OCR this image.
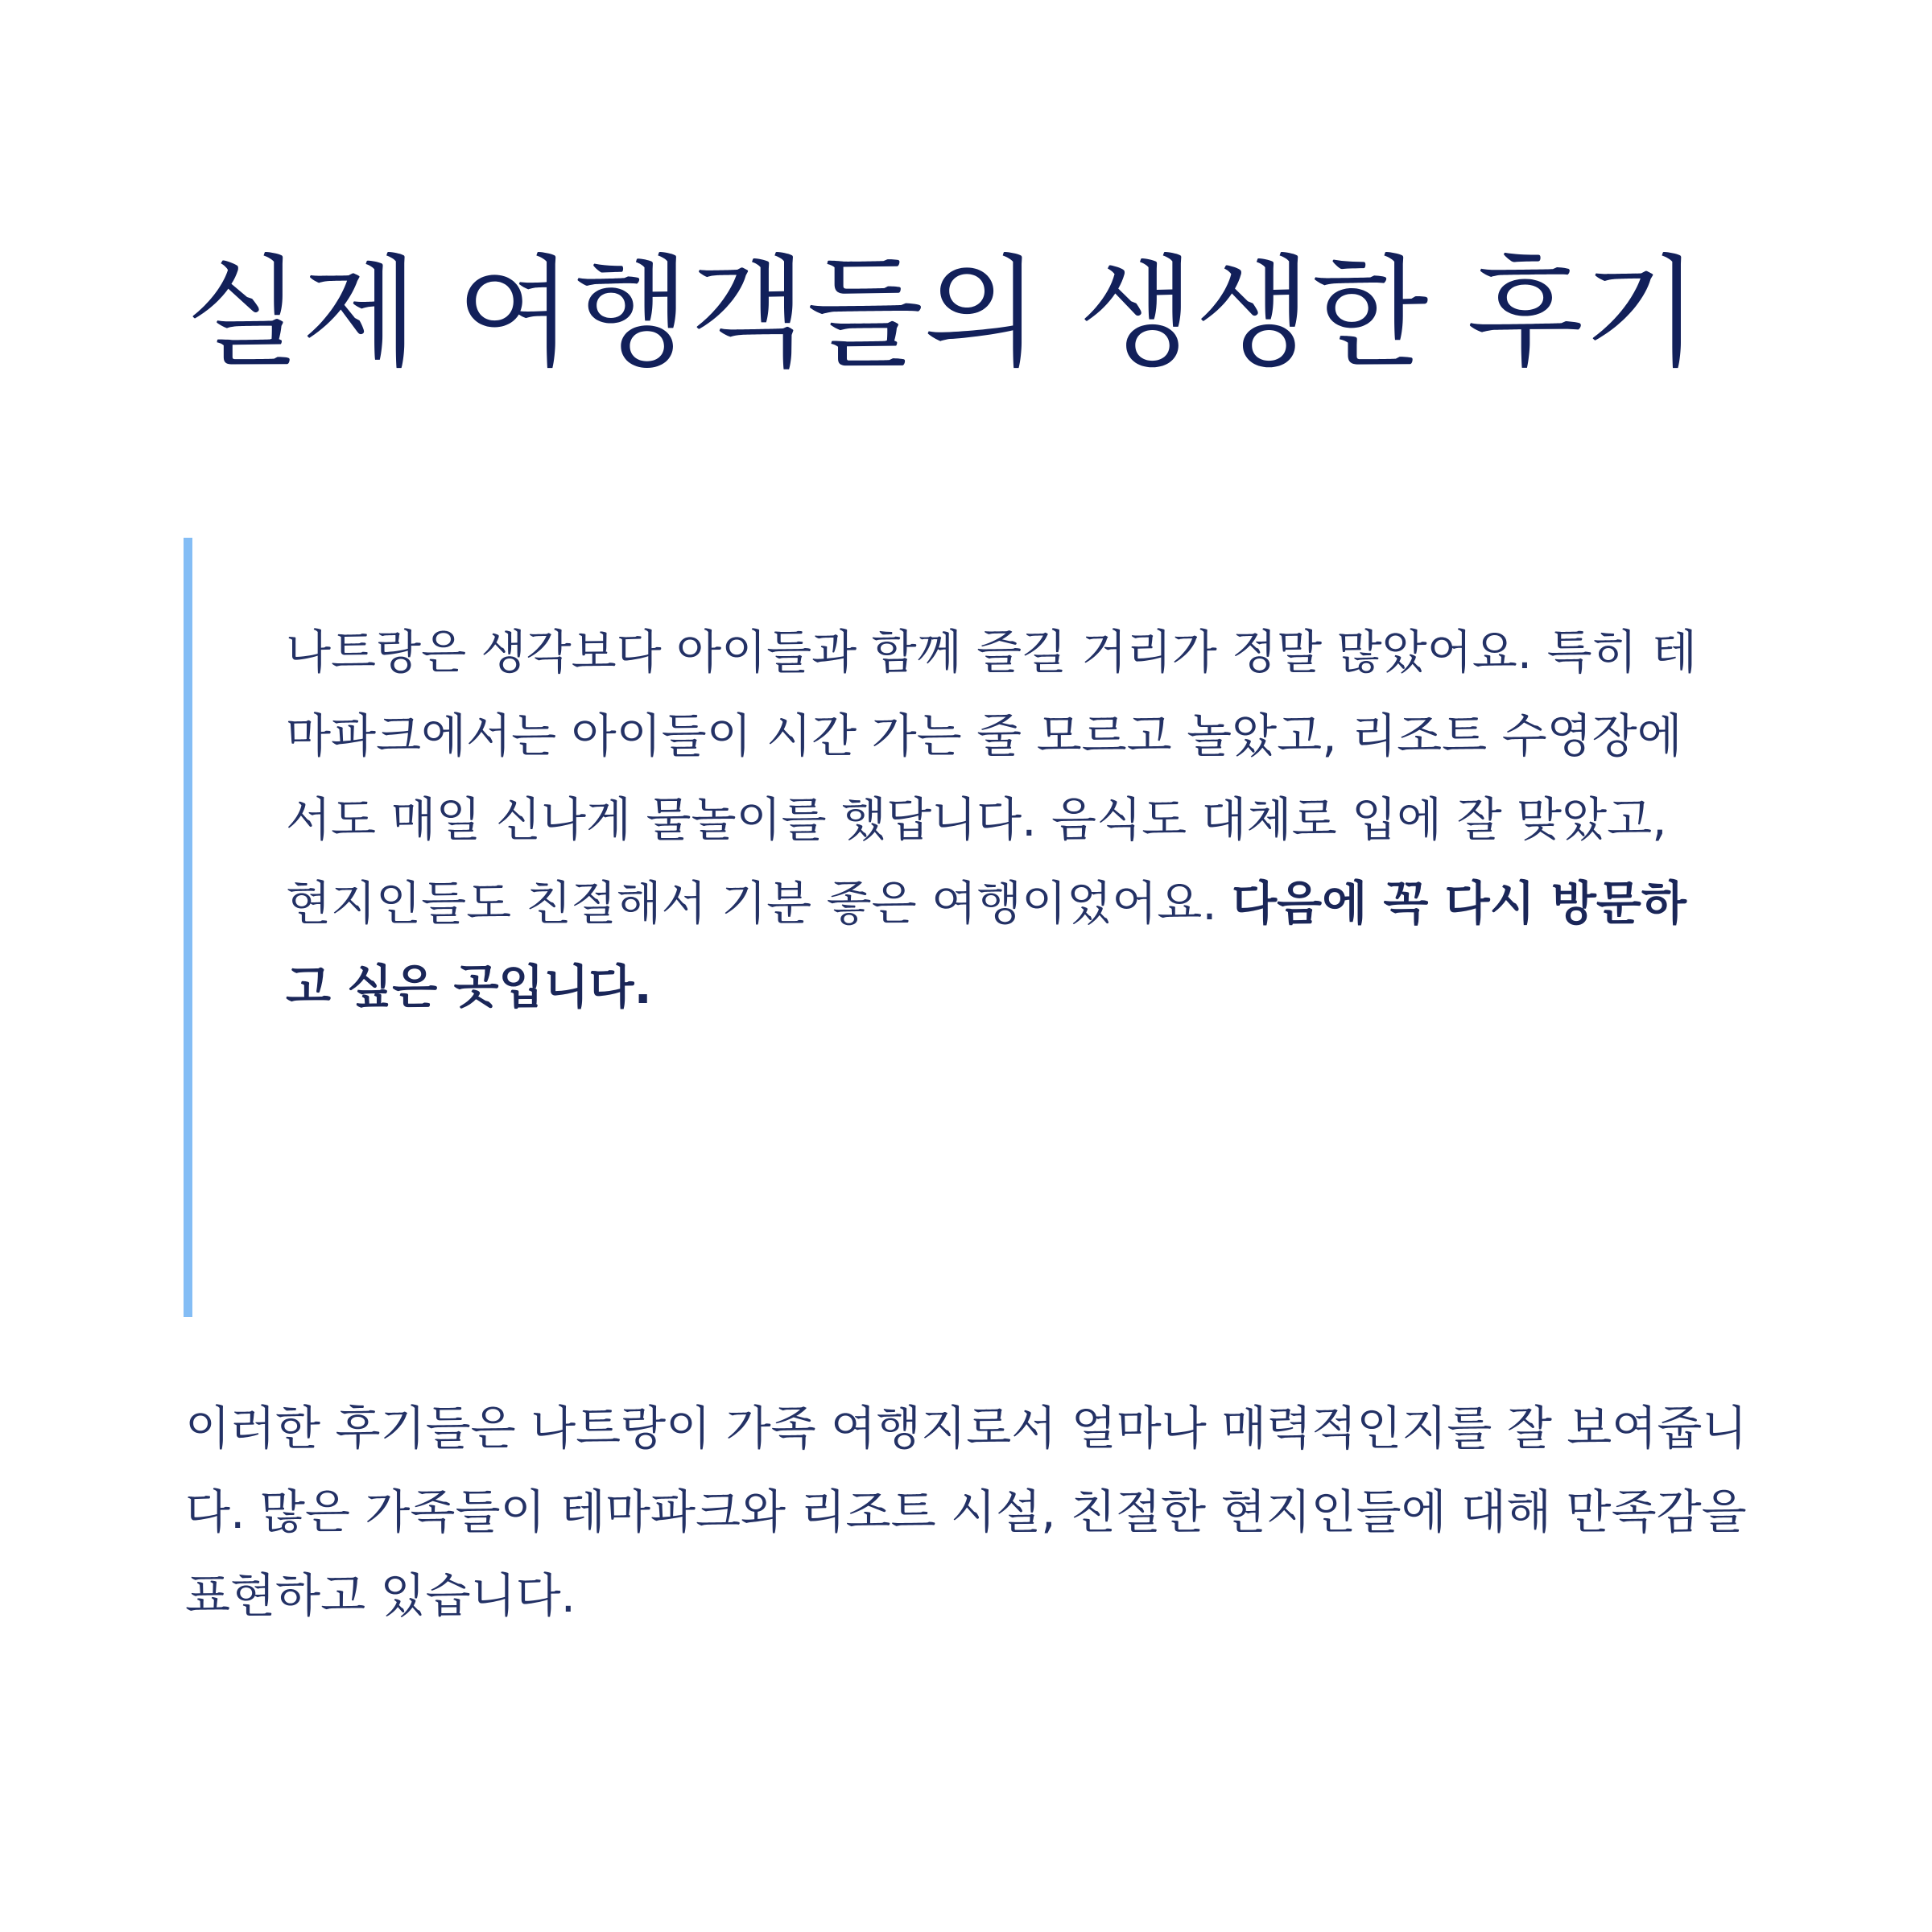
실제 여행객들의 생생한 후기

나트랑은 생각보다 아이들과 함께 즐길 거리가 정말 많았어요. 특히 테마파크에서는 아이들이 시간 가는 줄 모르고 놀았고, 리조트 수영장에서도 매일 신나게 물놀이를 했답니다. 음식도 대체로 입에 잘 맞았고, 현지인들도 친절해서 기분 좋은 여행이었어요. 다음에 꼭 다시 방문하고 싶은 곳입니다.

이러한 후기들은 나트랑이 가족 여행지로서 얼마나 매력적인지를 잘 보여줍니다. 많은 가족들이 테마파크와 리조트 시설, 친절한 현지인들에 대해 만족감을 표현하고 있습니다.
